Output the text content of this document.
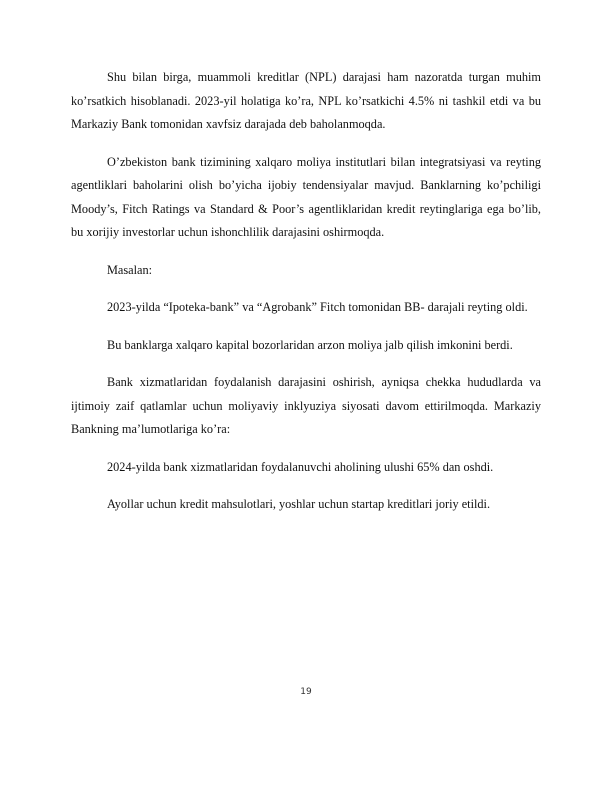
Shu bilan birga, muammoli kreditlar (NPL) darajasi ham nazoratda turgan muhim ko’rsatkich hisoblanadi. 2023-yil holatiga ko’ra, NPL ko’rsatkichi 4.5% ni tashkil etdi va bu Markaziy Bank tomonidan xavfsiz darajada deb baholanmoqda.

O’zbekiston bank tizimining xalqaro moliya institutlari bilan integratsiyasi va reyting agentliklari baholarini olish bo’yicha ijobiy tendensiyalar mavjud. Banklarning ko’pchiligi Moody’s, Fitch Ratings va Standard & Poor’s agentliklaridan kredit reytinglariga ega bo’lib, bu xorijiy investorlar uchun ishonchlilik darajasini oshirmoqda.

Masalan:

2023-yilda “Ipoteka-bank” va “Agrobank” Fitch tomonidan BB- darajali reyting oldi.

Bu banklarga xalqaro kapital bozorlaridan arzon moliya jalb qilish imkonini berdi.

Bank xizmatlaridan foydalanish darajasini oshirish, ayniqsa chekka hududlarda va ijtimoiy zaif qatlamlar uchun moliyaviy inklyuziya siyosati davom ettirilmoqda. Markaziy Bankning ma’lumotlariga ko’ra:

2024-yilda bank xizmatlaridan foydalanuvchi aholining ulushi 65% dan oshdi.

Ayollar uchun kredit mahsulotlari, yoshlar uchun startap kreditlari joriy etildi.

19
